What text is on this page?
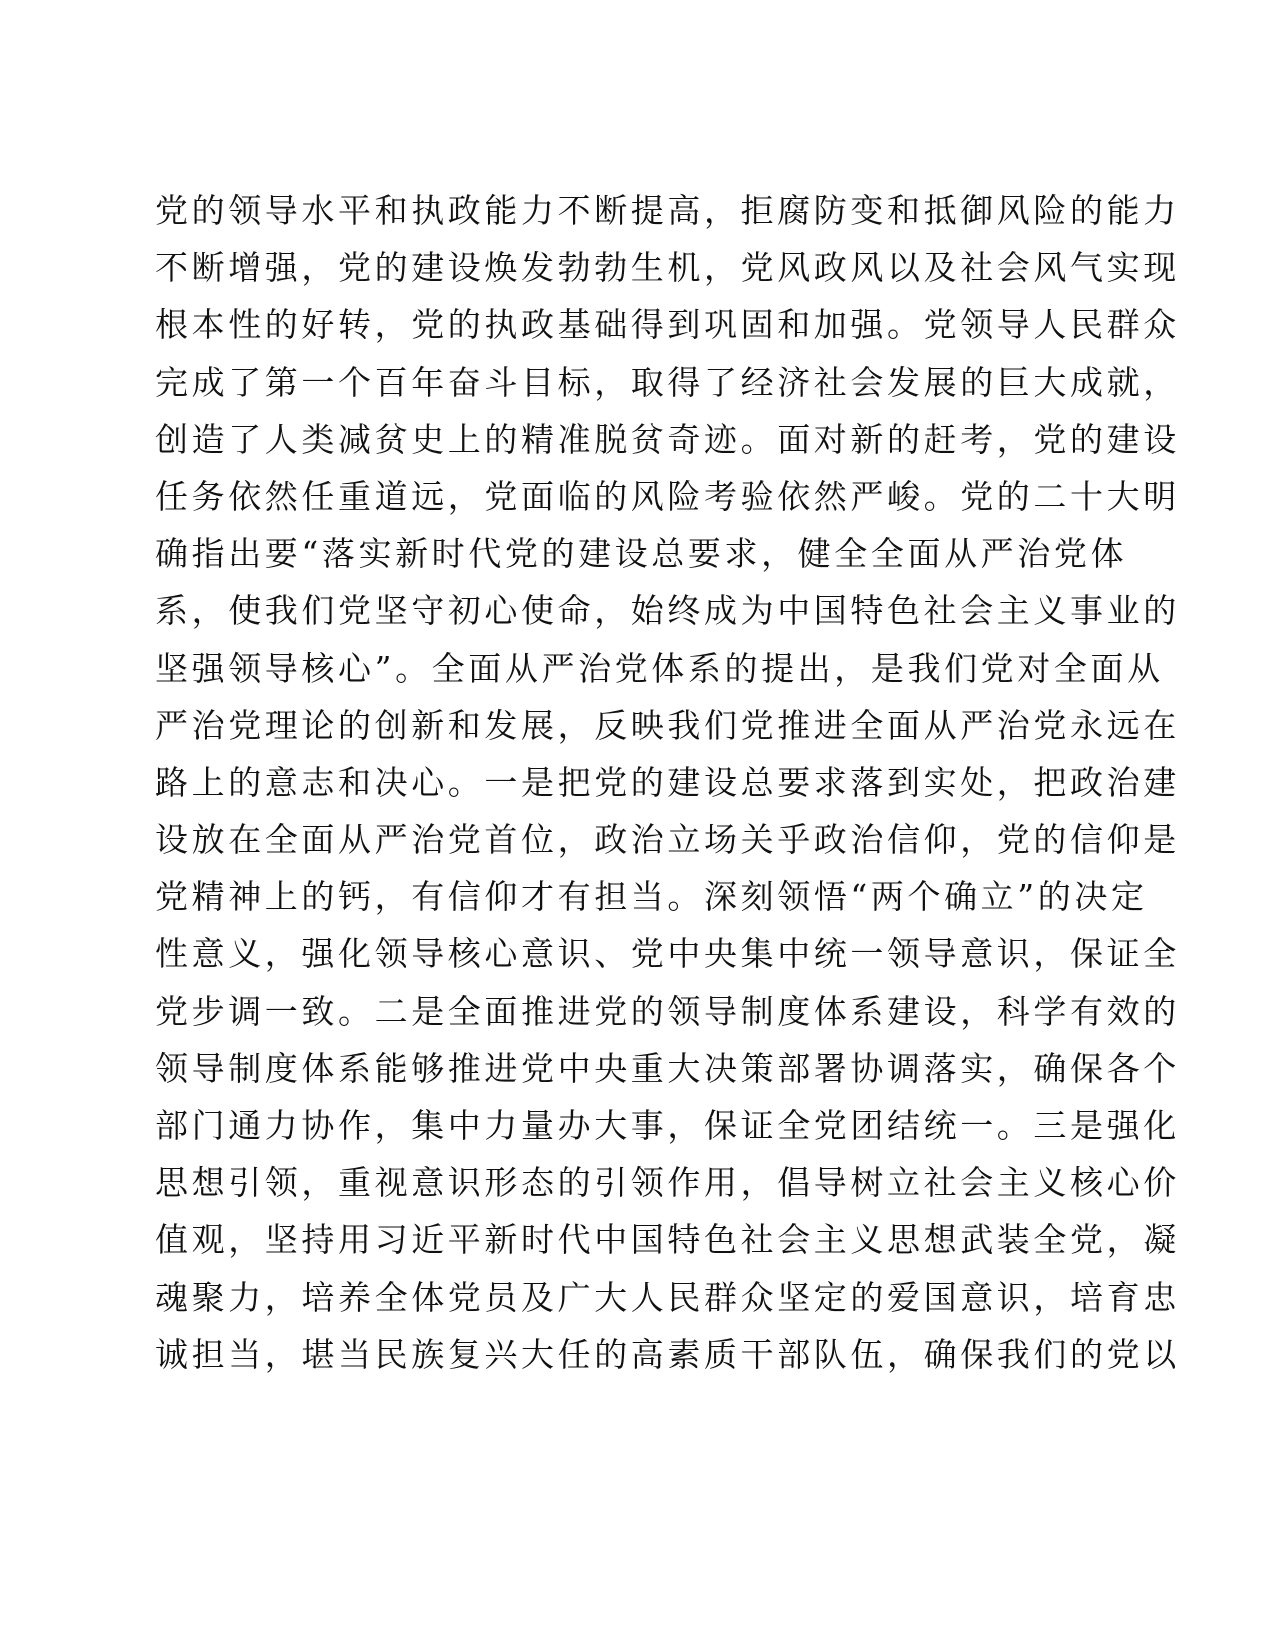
党的领导水平和执政能力不断提高，拒腐防变和抵御风险的能力
不断增强，党的建设焕发勃勃生机，党风政风以及社会风气实现
根本性的好转，党的执政基础得到巩固和加强。党领导人民群众
完成了第一个百年奋斗目标，取得了经济社会发展的巨大成就，
创造了人类减贫史上的精准脱贫奇迹。面对新的赶考，党的建设
任务依然任重道远，党面临的风险考验依然严峻。党的二十大明
确指出要“落实新时代党的建设总要求，健全全面从严治党体
系，使我们党坚守初心使命，始终成为中国特色社会主义事业的
坚强领导核心”。全面从严治党体系的提出，是我们党对全面从
严治党理论的创新和发展，反映我们党推进全面从严治党永远在
路上的意志和决心。一是把党的建设总要求落到实处，把政治建
设放在全面从严治党首位，政治立场关乎政治信仰，党的信仰是
党精神上的钙，有信仰才有担当。深刻领悟“两个确立”的决定
性意义，强化领导核心意识、党中央集中统一领导意识，保证全
党步调一致。二是全面推进党的领导制度体系建设，科学有效的
领导制度体系能够推进党中央重大决策部署协调落实，确保各个
部门通力协作，集中力量办大事，保证全党团结统一。三是强化
思想引领，重视意识形态的引领作用，倡导树立社会主义核心价
值观，坚持用习近平新时代中国特色社会主义思想武装全党，凝
魂聚力，培养全体党员及广大人民群众坚定的爱国意识，培育忠
诚担当，堪当民族复兴大任的高素质干部队伍，确保我们的党以
